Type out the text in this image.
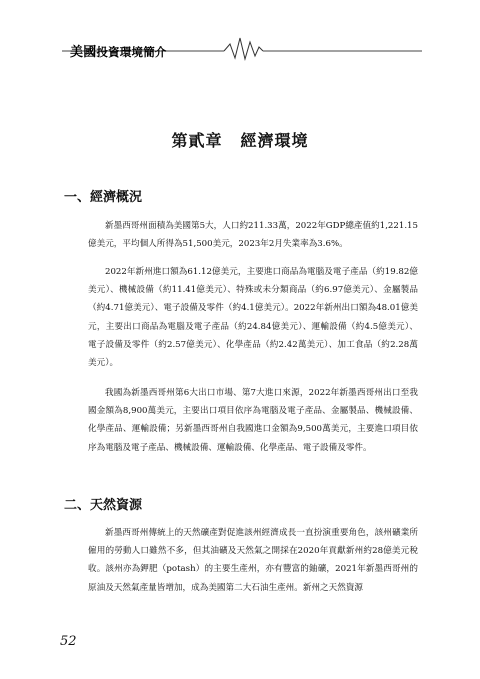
美國投資環境簡介
第貳章 經濟環境
一、經濟概況
新墨西哥州面積為美國第5大，人口約211.33萬，2022年GDP總產值約1,221.15億美元，平均個人所得為51,500美元，2023年2月失業率為3.6%。
2022年新州進口額為61.12億美元，主要進口商品為電腦及電子產品（約19.82億美元）、機械設備（約11.41億美元）、特殊或未分類商品（約6.97億美元）、金屬製品（約4.71億美元）、電子設備及零件（約4.1億美元）。2022年新州出口額為48.01億美元，主要出口商品為電腦及電子產品（約24.84億美元）、運輸設備（約4.5億美元）、電子設備及零件（約2.57億美元）、化學產品（約2.42萬美元）、加工食品（約2.28萬美元）。
我國為新墨西哥州第6大出口市場、第7大進口來源，2022年新墨西哥州出口至我國金額為8,900萬美元，主要出口項目依序為電腦及電子產品、金屬製品、機械設備、化學產品、運輸設備；另新墨西哥州自我國進口金額為9,500萬美元，主要進口項目依序為電腦及電子產品、機械設備、運輸設備、化學產品、電子設備及零件。
二、天然資源
新墨西哥州傳統上的天然礦產對促進該州經濟成長一直扮演重要角色，該州礦業所僱用的勞動人口雖然不多，但其油礦及天然氣之開採在2020年貢獻新州約28億美元稅收。該州亦為鉀肥（potash）的主要生產州，亦有豐富的鈾礦，2021年新墨西哥州的原油及天然氣產量皆增加，成為美國第二大石油生產州。新州之天然資源
52
